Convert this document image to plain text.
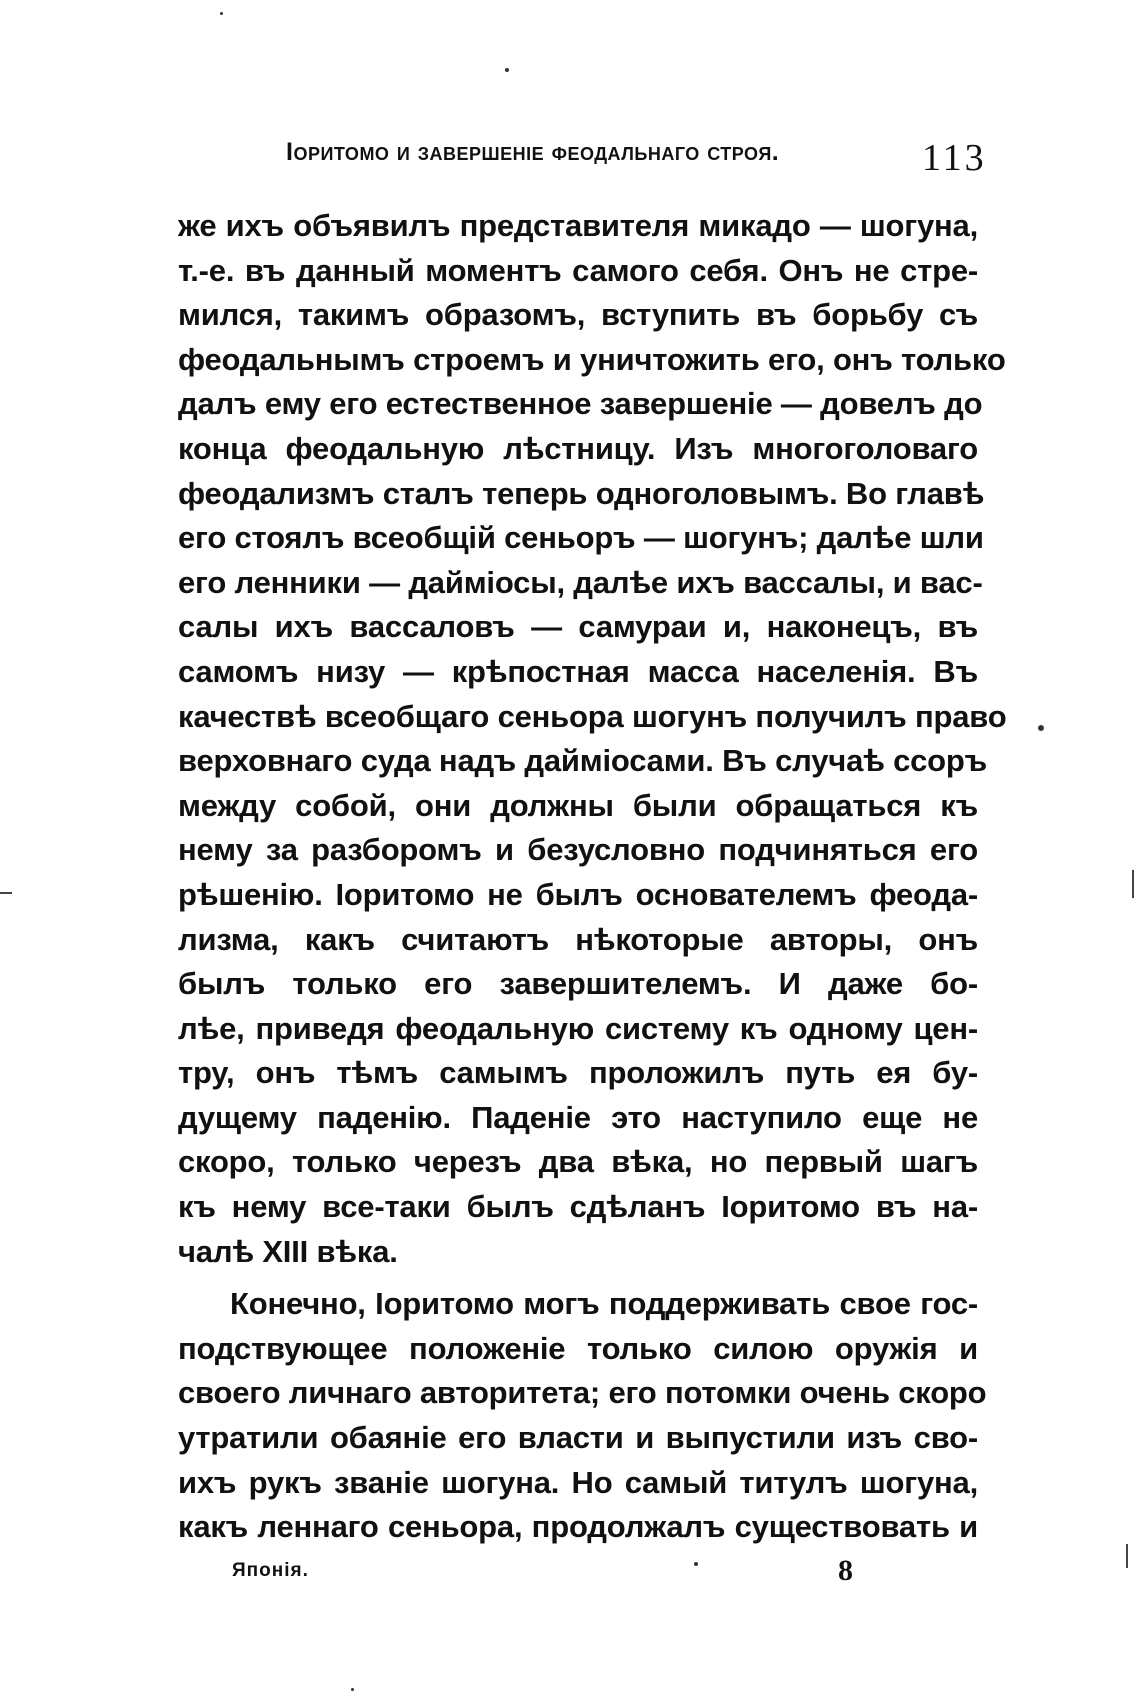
Іоритомо и завершеніе феодальнаго строя.	113
же ихъ объявилъ представителя микадо — шогуна,
т.-е. въ данный моментъ самого себя. Онъ не стре-
мился, такимъ образомъ, вступить въ борьбу съ
феодальнымъ строемъ и уничтожить его, онъ только
далъ ему его естественное завершеніе — довелъ до
конца феодальную лѣстницу. Изъ многоголоваго
феодализмъ сталъ теперь одноголовымъ. Во главѣ
его стоялъ всеобщій сеньоръ — шогунъ; далѣе шли
его ленники — даймiосы, далѣе ихъ вассалы, и вас-
салы ихъ вассаловъ — самураи и, наконецъ, въ
самомъ низу — крѣпостная масса населенія. Въ
качествѣ всеобщаго сеньора шогунъ получилъ право
верховнаго суда надъ даймiосами. Въ случаѣ ссоръ
между собой, они должны были обращаться къ
нему за разборомъ и безусловно подчиняться его
рѣшенію. Іоритомо не былъ основателемъ феода-
лизма, какъ считаютъ нѣкоторые авторы, онъ
былъ только его завершителемъ. И даже бо-
лѣе, приведя феодальную систему къ одному цен-
тру, онъ тѣмъ самымъ проложилъ путь ея бу-
дущему паденію. Паденіе это наступило еще не
скоро, только черезъ два вѣка, но первый шагъ
къ нему все-таки былъ сдѣланъ Іоритомо въ на-
чалѣ XIII вѣка.
Конечно, Іоритомо могъ поддерживать свое гос-
подствующее положеніе только силою оружія и
своего личнаго авторитета; его потомки очень скоро
утратили обаяніе его власти и выпустили изъ сво-
ихъ рукъ званіе шогуна. Но самый титулъ шогуна,
какъ леннаго сеньора, продолжалъ существовать и
Японія.	8
